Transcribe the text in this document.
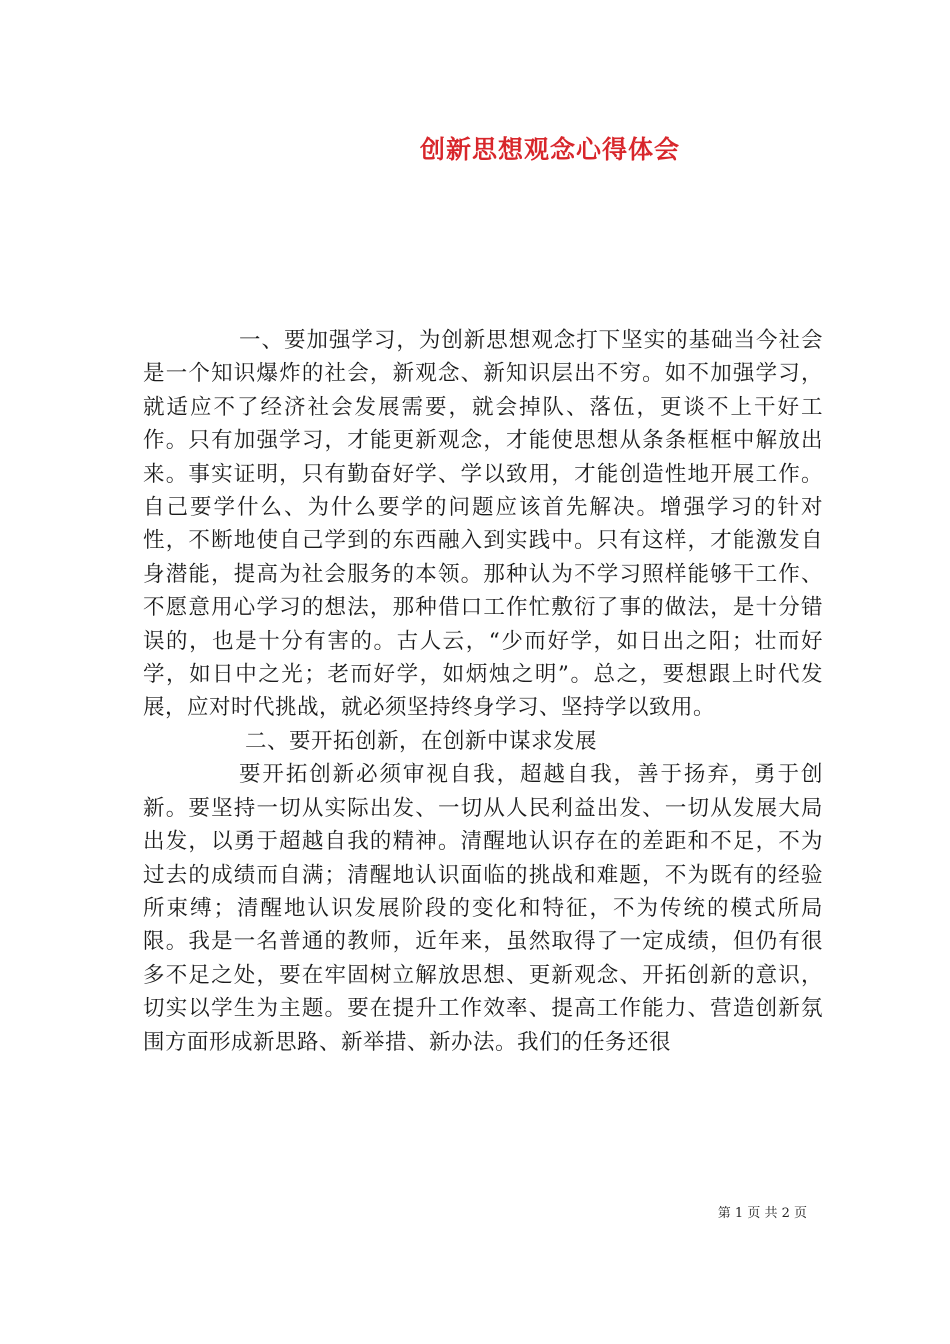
创新思想观念心得体会

一、要加强学习，为创新思想观念打下坚实的基础当今社会是一个知识爆炸的社会，新观念、新知识层出不穷。如不加强学习，就适应不了经济社会发展需要，就会掉队、落伍，更谈不上干好工作。只有加强学习，才能更新观念，才能使思想从条条框框中解放出来。事实证明，只有勤奋好学、学以致用，才能创造性地开展工作。自己要学什么、为什么要学的问题应该首先解决。增强学习的针对性，不断地使自己学到的东西融入到实践中。只有这样，才能激发自身潜能，提高为社会服务的本领。那种认为不学习照样能够干工作、不愿意用心学习的想法，那种借口工作忙敷衍了事的做法，是十分错误的，也是十分有害的。古人云，“少而好学，如日出之阳；壮而好学，如日中之光；老而好学，如炳烛之明”。总之，要想跟上时代发展，应对时代挑战，就必须坚持终身学习、坚持学以致用。

二、要开拓创新，在创新中谋求发展

要开拓创新必须审视自我，超越自我，善于扬弃，勇于创新。要坚持一切从实际出发、一切从人民利益出发、一切从发展大局出发，以勇于超越自我的精神。清醒地认识存在的差距和不足，不为过去的成绩而自满；清醒地认识面临的挑战和难题，不为既有的经验所束缚；清醒地认识发展阶段的变化和特征，不为传统的模式所局限。我是一名普通的教师，近年来，虽然取得了一定成绩，但仍有很多不足之处，要在牢固树立解放思想、更新观念、开拓创新的意识，切实以学生为主题。要在提升工作效率、提高工作能力、营造创新氛围方面形成新思路、新举措、新办法。我们的任务还很

第 1 页 共 2 页
